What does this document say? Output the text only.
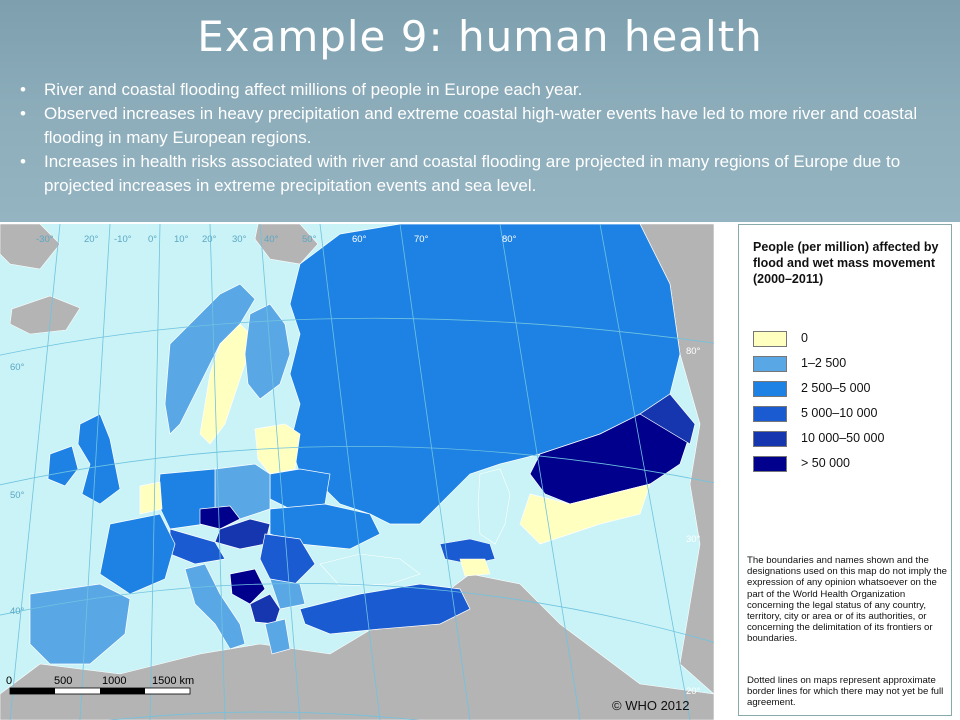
Example 9: human health
• River and coastal flooding affect millions of people in Europe each year.
• Observed increases in heavy precipitation and extreme coastal high-water events have led to more river and coastal flooding in many European regions.
• Increases in health risks associated with river and coastal flooding are projected in many regions of Europe due to projected increases in extreme precipitation events and sea level.
-30°	20° -10° 0° 10° 20° 30° 40° 50°	60°	70°	80°
60°
50°
40°
80°
30°
20°
0	500	1000 1500 km
© WHO 2012
People (per million) affected by flood and wet mass movement (2000–2011)
0
1–2 500
2 500–5 000
5 000–10 000
10 000–50 000
> 50 000
The boundaries and names shown and the designations used on this map do not imply the expression of any opinion whatsoever on the part of the World Health Organization concerning the legal status of any country, territory, city or area or of its authorities, or concerning the delimitation of its frontiers or boundaries.
Dotted lines on maps represent approximate border lines for which there may not yet be full agreement.
